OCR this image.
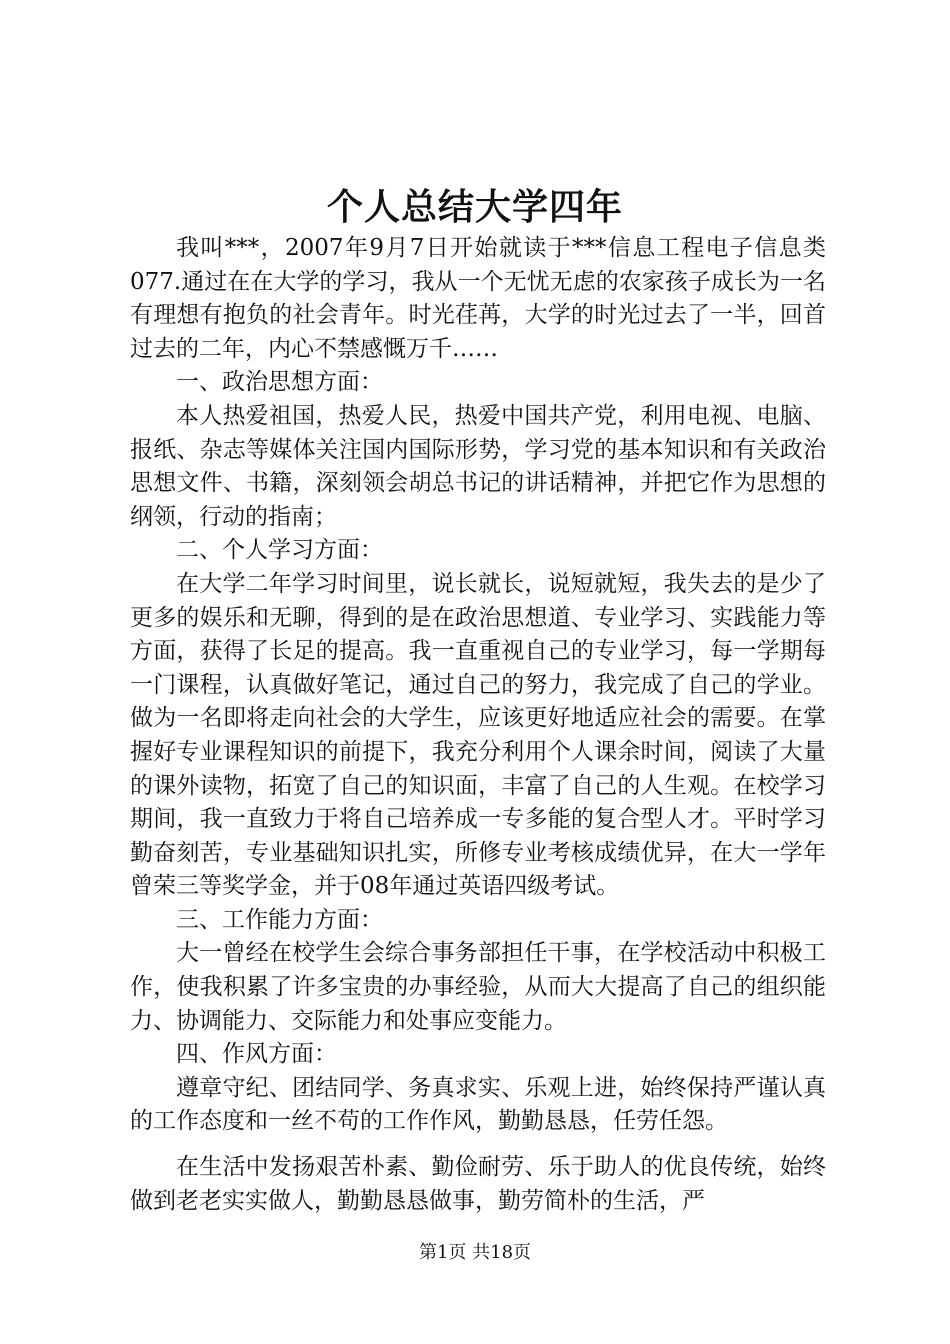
个人总结大学四年

我叫***，2007年9月7日开始就读于***信息工程电子信息类077.通过在在大学的学习，我从一个无忧无虑的农家孩子成长为一名有理想有抱负的社会青年。时光荏苒，大学的时光过去了一半，回首过去的二年，内心不禁感慨万千……

一、政治思想方面：

本人热爱祖国，热爱人民，热爱中国共产党，利用电视、电脑、报纸、杂志等媒体关注国内国际形势，学习党的基本知识和有关政治思想文件、书籍，深刻领会胡总书记的讲话精神，并把它作为思想的纲领，行动的指南；

二、个人学习方面：

在大学二年学习时间里，说长就长，说短就短，我失去的是少了更多的娱乐和无聊，得到的是在政治思想道、专业学习、实践能力等方面，获得了长足的提高。我一直重视自己的专业学习，每一学期每一门课程，认真做好笔记，通过自己的努力，我完成了自己的学业。做为一名即将走向社会的大学生，应该更好地适应社会的需要。在掌握好专业课程知识的前提下，我充分利用个人课余时间，阅读了大量的课外读物，拓宽了自己的知识面，丰富了自己的人生观。在校学习期间，我一直致力于将自己培养成一专多能的复合型人才。平时学习勤奋刻苦，专业基础知识扎实，所修专业考核成绩优异，在大一学年曾荣三等奖学金，并于08年通过英语四级考试。

三、工作能力方面：

大一曾经在校学生会综合事务部担任干事，在学校活动中积极工作，使我积累了许多宝贵的办事经验，从而大大提高了自己的组织能力、协调能力、交际能力和处事应变能力。

四、作风方面：

遵章守纪、团结同学、务真求实、乐观上进，始终保持严谨认真的工作态度和一丝不苟的工作作风，勤勤恳恳，任劳任怨。

在生活中发扬艰苦朴素、勤俭耐劳、乐于助人的优良传统，始终做到老老实实做人，勤勤恳恳做事，勤劳简朴的生活，严

第1页 共18页
